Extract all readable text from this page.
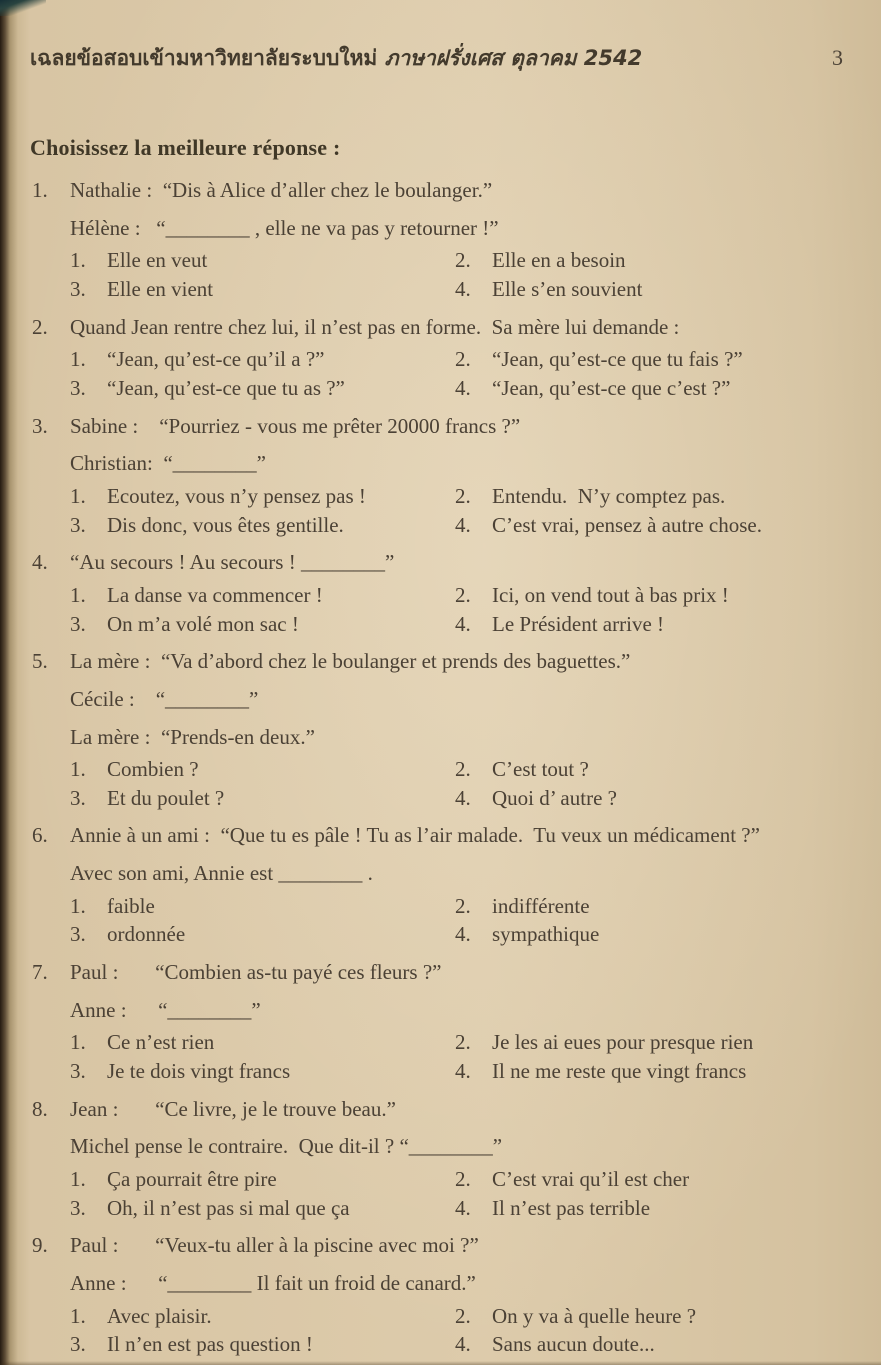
เฉลยข้อสอบเข้ามหาวิทยาลัยระบบใหม่ ภาษาฝรั่งเศส ตุลาคม 2542	3
Choisissez la meilleure réponse :
1. Nathalie :  “Dis à Alice d’aller chez le boulanger.”
Hélène :   “________ , elle ne va pas y retourner !”
1.	Elle en veut	2.	Elle en a besoin
3.	Elle en vient	4.	Elle s’en souvient
2. Quand Jean rentre chez lui, il n’est pas en forme.  Sa mère lui demande :
1.	“Jean, qu’est-ce qu’il a ?”	2.	“Jean, qu’est-ce que tu fais ?”
3.	“Jean, qu’est-ce que tu as ?”	4.	“Jean, qu’est-ce que c’est ?”
3. Sabine :    “Pourriez - vous me prêter 20000 francs ?”
Christian:  “________”
1.	Ecoutez, vous n’y pensez pas !	2.	Entendu.  N’y comptez pas.
3.	Dis donc, vous êtes gentille.	4.	C’est vrai, pensez à autre chose.
4. “Au secours ! Au secours ! ________”
1.	La danse va commencer !	2.	Ici, on vend tout à bas prix !
3.	On m’a volé mon sac !	4.	Le Président arrive !
5. La mère :  “Va d’abord chez le boulanger et prends des baguettes.”
Cécile :    “________”
La mère :  “Prends-en deux.”
1.	Combien ?	2.	C’est tout ?
3.	Et du poulet ?	4.	Quoi d’ autre ?
6. Annie à un ami :  “Que tu es pâle ! Tu as l’air malade.  Tu veux un médicament ?”
Avec son ami, Annie est ________ .
1.	faible	2.	indifférente
3.	ordonnée	4.	sympathique
7. Paul :       “Combien as-tu payé ces fleurs ?”
Anne :      “________”
1.	Ce n’est rien	2.	Je les ai eues pour presque rien
3.	Je te dois vingt francs	4.	Il ne me reste que vingt francs
8. Jean :       “Ce livre, je le trouve beau.”
Michel pense le contraire.  Que dit-il ? “________”
1.	Ça pourrait être pire	2.	C’est vrai qu’il est cher
3.	Oh, il n’est pas si mal que ça	4.	Il n’est pas terrible
9. Paul :       “Veux-tu aller à la piscine avec moi ?”
Anne :      “________ Il fait un froid de canard.”
1.	Avec plaisir.	2.	On y va à quelle heure ?
3.	Il n’en est pas question !	4.	Sans aucun doute...
